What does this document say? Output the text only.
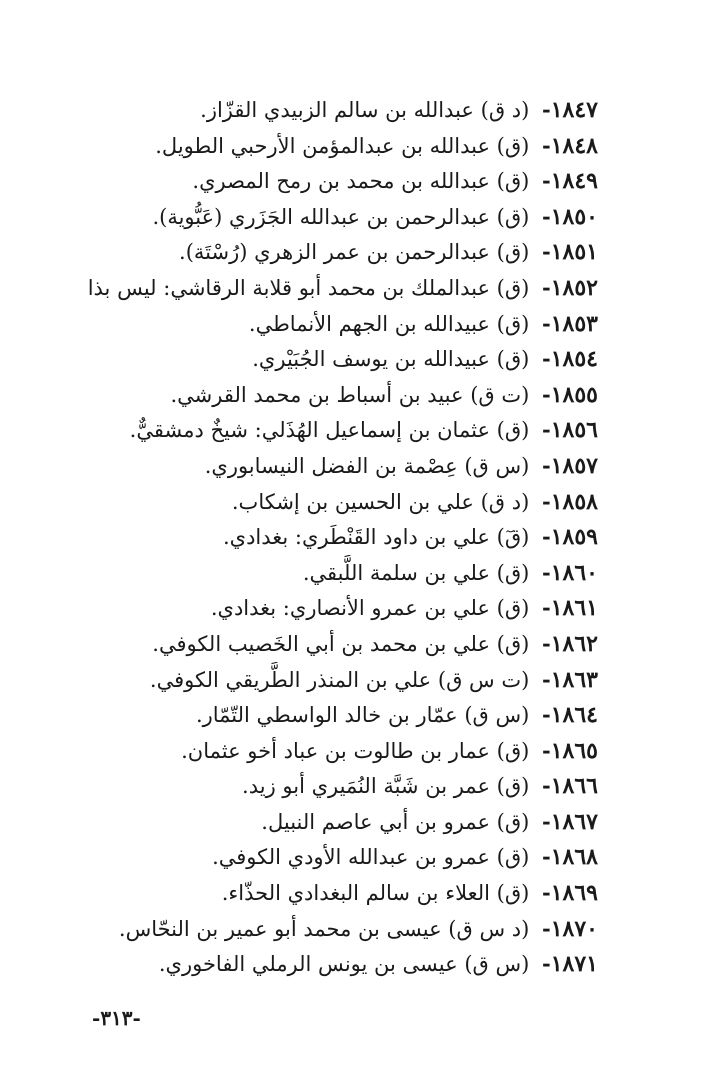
١٨٤٧- (د ق) عبدالله بن سالم الزبيدي القزّاز.
١٨٤٨- (ق) عبدالله بن عبدالمؤمن الأرحبي الطويل.
١٨٤٩- (ق) عبدالله بن محمد بن رمح المصري.
١٨٥٠- (ق) عبدالرحمن بن عبدالله الجَزَري (عَبُّوية).
١٨٥١- (ق) عبدالرحمن بن عمر الزهري (رُسْتَة).
١٨٥٢- (ق) عبدالملك بن محمد أبو قلابة الرقاشي: ليس بذا
١٨٥٣- (ق) عبيدالله بن الجهم الأنماطي.
١٨٥٤- (ق) عبيدالله بن يوسف الجُبَيْري.
١٨٥٥- (ت ق) عبيد بن أسباط بن محمد القرشي.
١٨٥٦- (ق) عثمان بن إسماعيل الهُذَلي: شيخٌ دمشقيٌّ.
١٨٥٧- (س ق) عِصْمة بن الفضل النيسابوري.
١٨٥٨- (د ق) علي بن الحسين بن إشكاب.
١٨٥٩- (قٓ) علي بن داود القَنْطَري: بغدادي.
١٨٦٠- (ق) علي بن سلمة اللَّبقي.
١٨٦١- (ق) علي بن عمرو الأنصاري: بغدادي.
١٨٦٢- (ق) علي بن محمد بن أبي الخَصيب الكوفي.
١٨٦٣- (ت س ق) علي بن المنذر الطَّريقي الكوفي.
١٨٦٤- (س ق) عمّار بن خالد الواسطي التّمّار.
١٨٦٥- (ق) عمار بن طالوت بن عباد أخو عثمان.
١٨٦٦- (ق) عمر بن شَبَّة النُمَيري أبو زيد.
١٨٦٧- (ق) عمرو بن أبي عاصم النبيل.
١٨٦٨- (ق) عمرو بن عبدالله الأودي الكوفي.
١٨٦٩- (ق) العلاء بن سالم البغدادي الحذّاء.
١٨٧٠- (د س ق) عيسى بن محمد أبو عمير بن النحّاس.
١٨٧١- (س ق) عيسى بن يونس الرملي الفاخوري.
-٣١٣-
